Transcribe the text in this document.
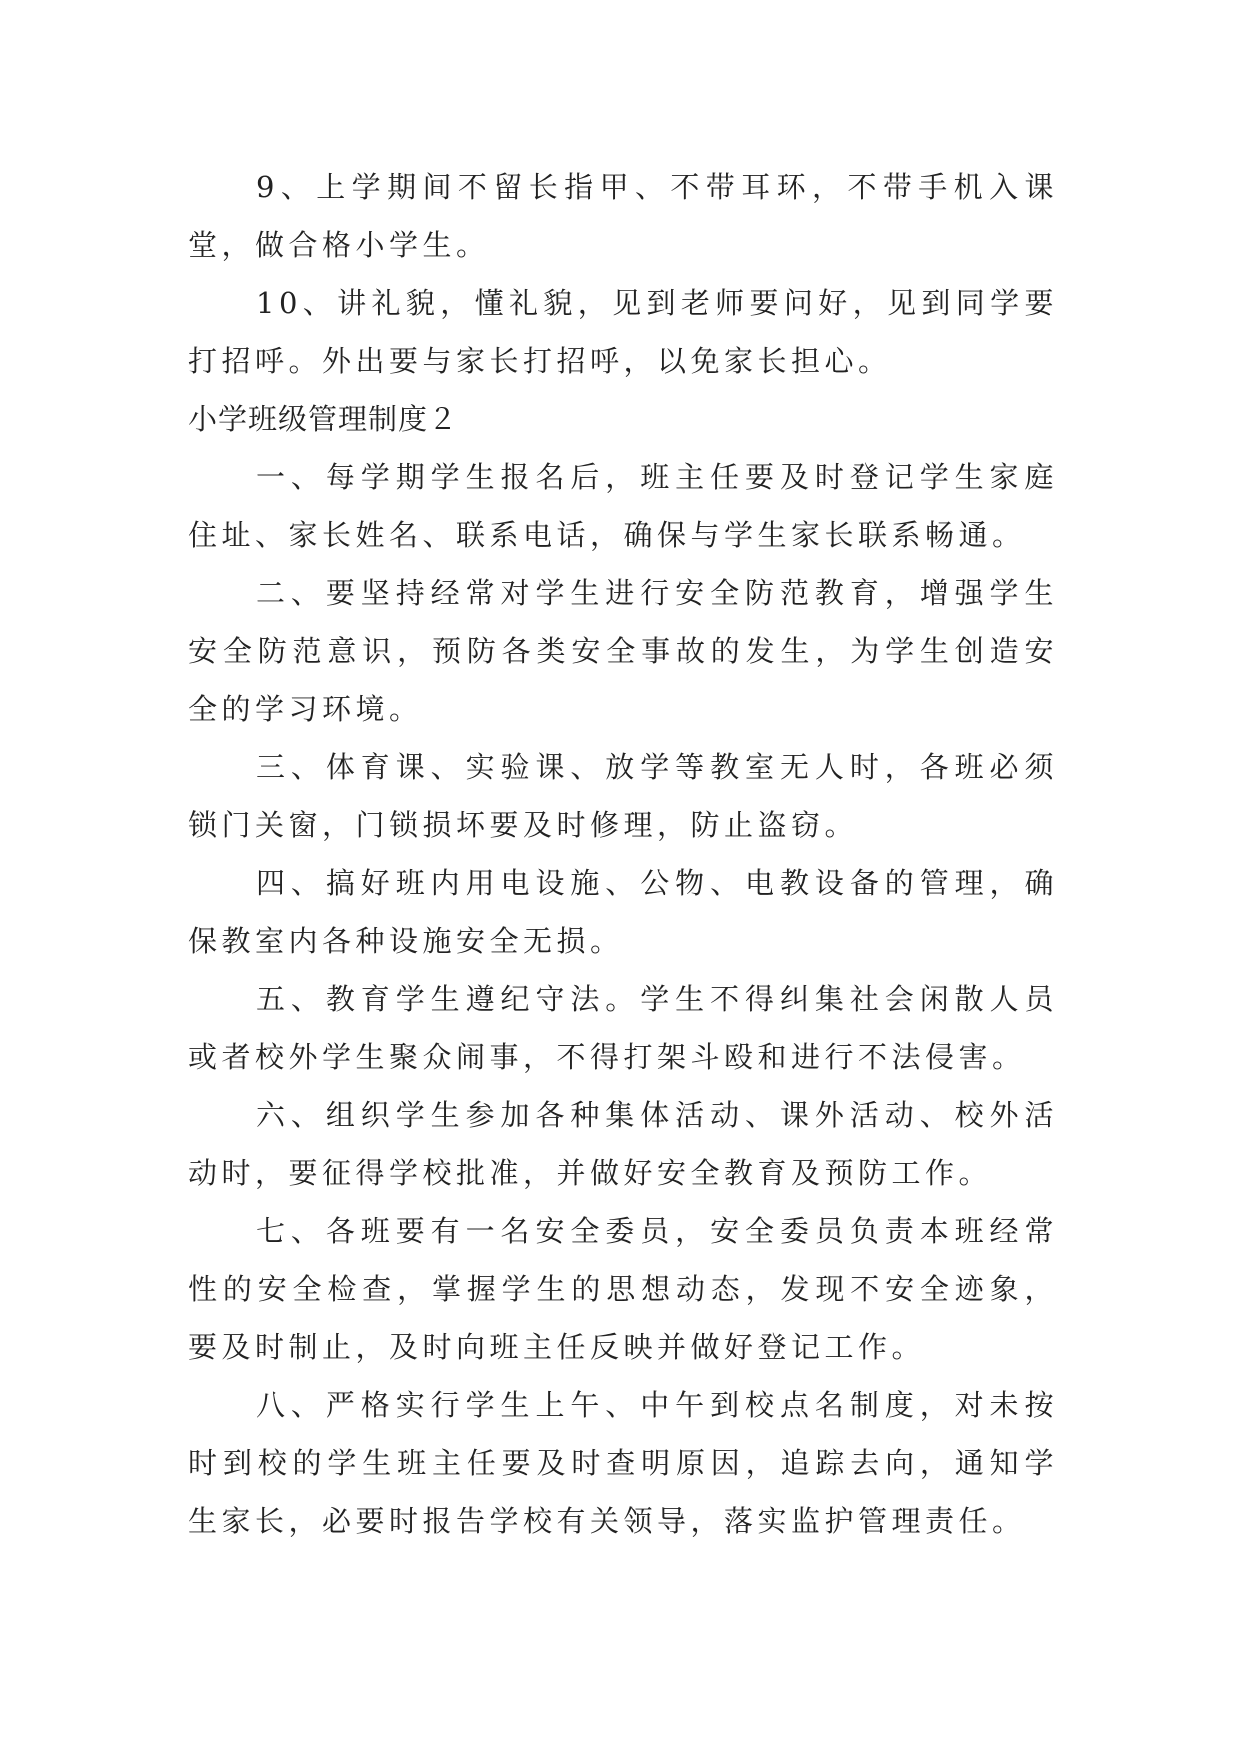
9、上学期间不留长指甲、不带耳环，不带手机入课堂，做合格小学生。

10、讲礼貌，懂礼貌，见到老师要问好，见到同学要打招呼。外出要与家长打招呼，以免家长担心。

小学班级管理制度２

一、每学期学生报名后，班主任要及时登记学生家庭住址、家长姓名、联系电话，确保与学生家长联系畅通。

二、要坚持经常对学生进行安全防范教育，增强学生安全防范意识，预防各类安全事故的发生，为学生创造安全的学习环境。

三、体育课、实验课、放学等教室无人时，各班必须锁门关窗，门锁损坏要及时修理，防止盗窃。

四、搞好班内用电设施、公物、电教设备的管理，确保教室内各种设施安全无损。

五、教育学生遵纪守法。学生不得纠集社会闲散人员或者校外学生聚众闹事，不得打架斗殴和进行不法侵害。

六、组织学生参加各种集体活动、课外活动、校外活动时，要征得学校批准，并做好安全教育及预防工作。

七、各班要有一名安全委员，安全委员负责本班经常性的安全检查，掌握学生的思想动态，发现不安全迹象，要及时制止，及时向班主任反映并做好登记工作。

八、严格实行学生上午、中午到校点名制度，对未按时到校的学生班主任要及时查明原因，追踪去向，通知学生家长，必要时报告学校有关领导，落实监护管理责任。
